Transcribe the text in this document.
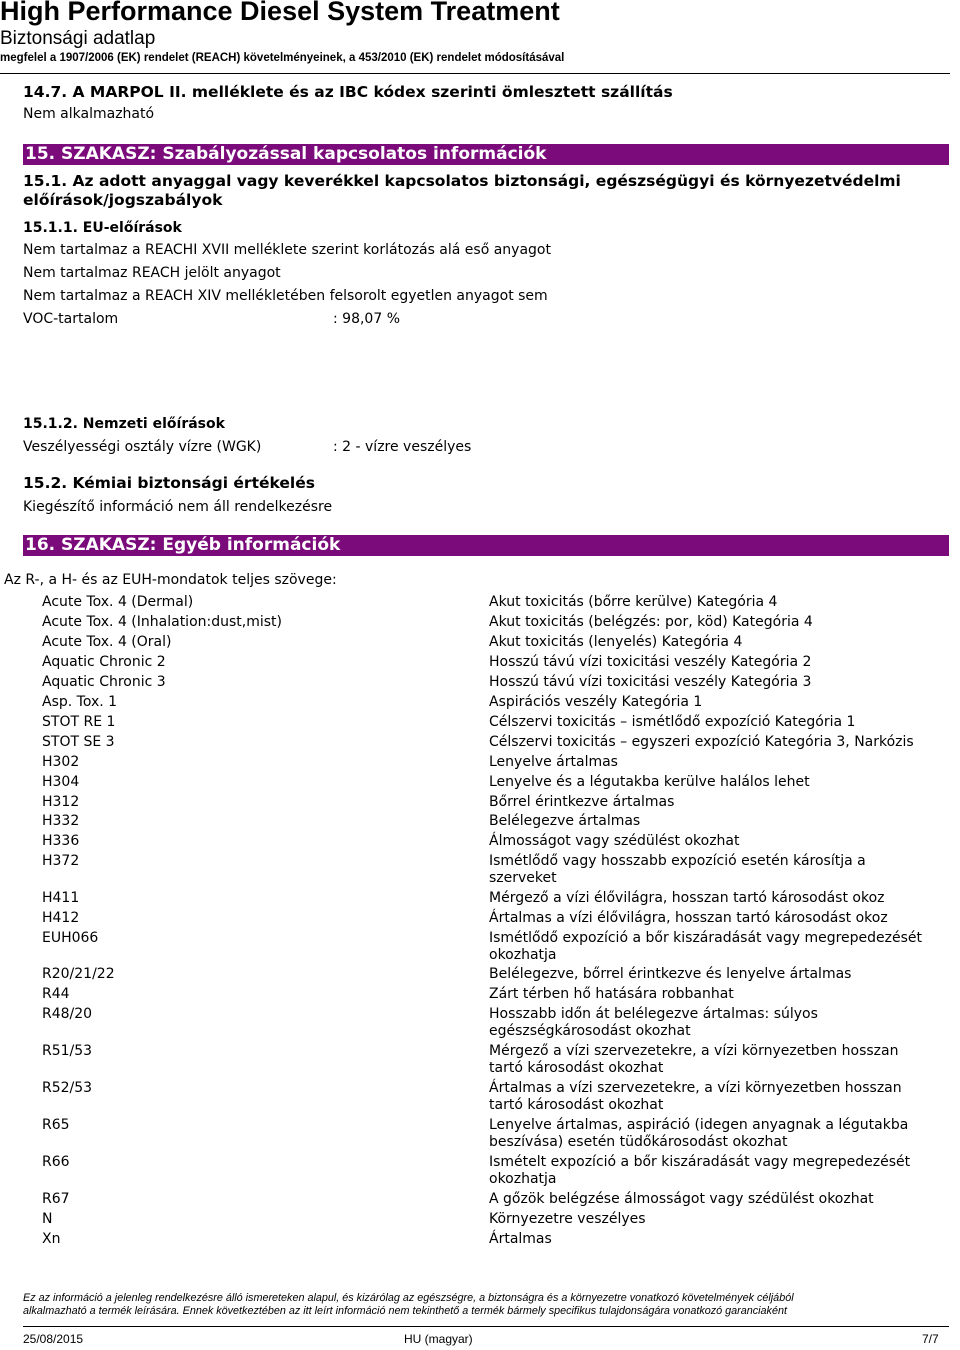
High Performance Diesel System Treatment
Biztonsági adatlap
megfelel a 1907/2006 (EK) rendelet (REACH) követelményeinek, a 453/2010 (EK) rendelet módosításával
14.7. A MARPOL II. melléklete és az IBC kódex szerinti ömlesztett szállítás
Nem alkalmazható
15. SZAKASZ: Szabályozással kapcsolatos információk
15.1. Az adott anyaggal vagy keverékkel kapcsolatos biztonsági, egészségügyi és környezetvédelmi
előírások/jogszabályok
15.1.1. EU-előírások
Nem tartalmaz a REACHI XVII melléklete szerint korlátozás alá eső anyagot
Nem tartalmaz REACH jelölt anyagot
Nem tartalmaz a REACH XIV mellékletében felsorolt egyetlen anyagot sem
VOC-tartalom	: 98,07 %
15.1.2. Nemzeti előírások
Veszélyességi osztály vízre (WGK)	: 2 - vízre veszélyes
15.2. Kémiai biztonsági értékelés
Kiegészítő információ nem áll rendelkezésre
16. SZAKASZ: Egyéb információk
Az R-, a H- és az EUH-mondatok teljes szövege:
Acute Tox. 4 (Dermal)	Akut toxicitás (bőrre kerülve) Kategória 4
Acute Tox. 4 (Inhalation:dust,mist)	Akut toxicitás (belégzés: por, köd) Kategória 4
Acute Tox. 4 (Oral)	Akut toxicitás (lenyelés) Kategória 4
Aquatic Chronic 2	Hosszú távú vízi toxicitási veszély Kategória 2
Aquatic Chronic 3	Hosszú távú vízi toxicitási veszély Kategória 3
Asp. Tox. 1	Aspirációs veszély Kategória 1
STOT RE 1	Célszervi toxicitás – ismétlődő expozíció Kategória 1
STOT SE 3	Célszervi toxicitás – egyszeri expozíció Kategória 3, Narkózis
H302	Lenyelve ártalmas
H304	Lenyelve és a légutakba kerülve halálos lehet
H312	Bőrrel érintkezve ártalmas
H332	Belélegezve ártalmas
H336	Álmosságot vagy szédülést okozhat
H372	Ismétlődő vagy hosszabb expozíció esetén károsítja a szerveket
H411	Mérgező a vízi élővilágra, hosszan tartó károsodást okoz
H412	Ártalmas a vízi élővilágra, hosszan tartó károsodást okoz
EUH066	Ismétlődő expozíció a bőr kiszáradását vagy megrepedezését okozhatja
R20/21/22	Belélegezve, bőrrel érintkezve és lenyelve ártalmas
R44	Zárt térben hő hatására robbanhat
R48/20	Hosszabb időn át belélegezve ártalmas: súlyos egészségkárosodást okozhat
R51/53	Mérgező a vízi szervezetekre, a vízi környezetben hosszan tartó károsodást okozhat
R52/53	Ártalmas a vízi szervezetekre, a vízi környezetben hosszan tartó károsodást okozhat
R65	Lenyelve ártalmas, aspiráció (idegen anyagnak a légutakba beszívása) esetén tüdőkárosodást okozhat
R66	Ismételt expozíció a bőr kiszáradását vagy megrepedezését okozhatja
R67	A gőzök belégzése álmosságot vagy szédülést okozhat
N	Környezetre veszélyes
Xn	Ártalmas
Ez az információ a jelenleg rendelkezésre álló ismereteken alapul, és kizárólag az egészségre, a biztonságra és a környezetre vonatkozó követelmények céljából
alkalmazható a termék leírására. Ennek következtében az itt leírt információ nem tekinthető a termék bármely specifikus tulajdonságára vonatkozó garanciaként
25/08/2015	HU (magyar)	7/7
